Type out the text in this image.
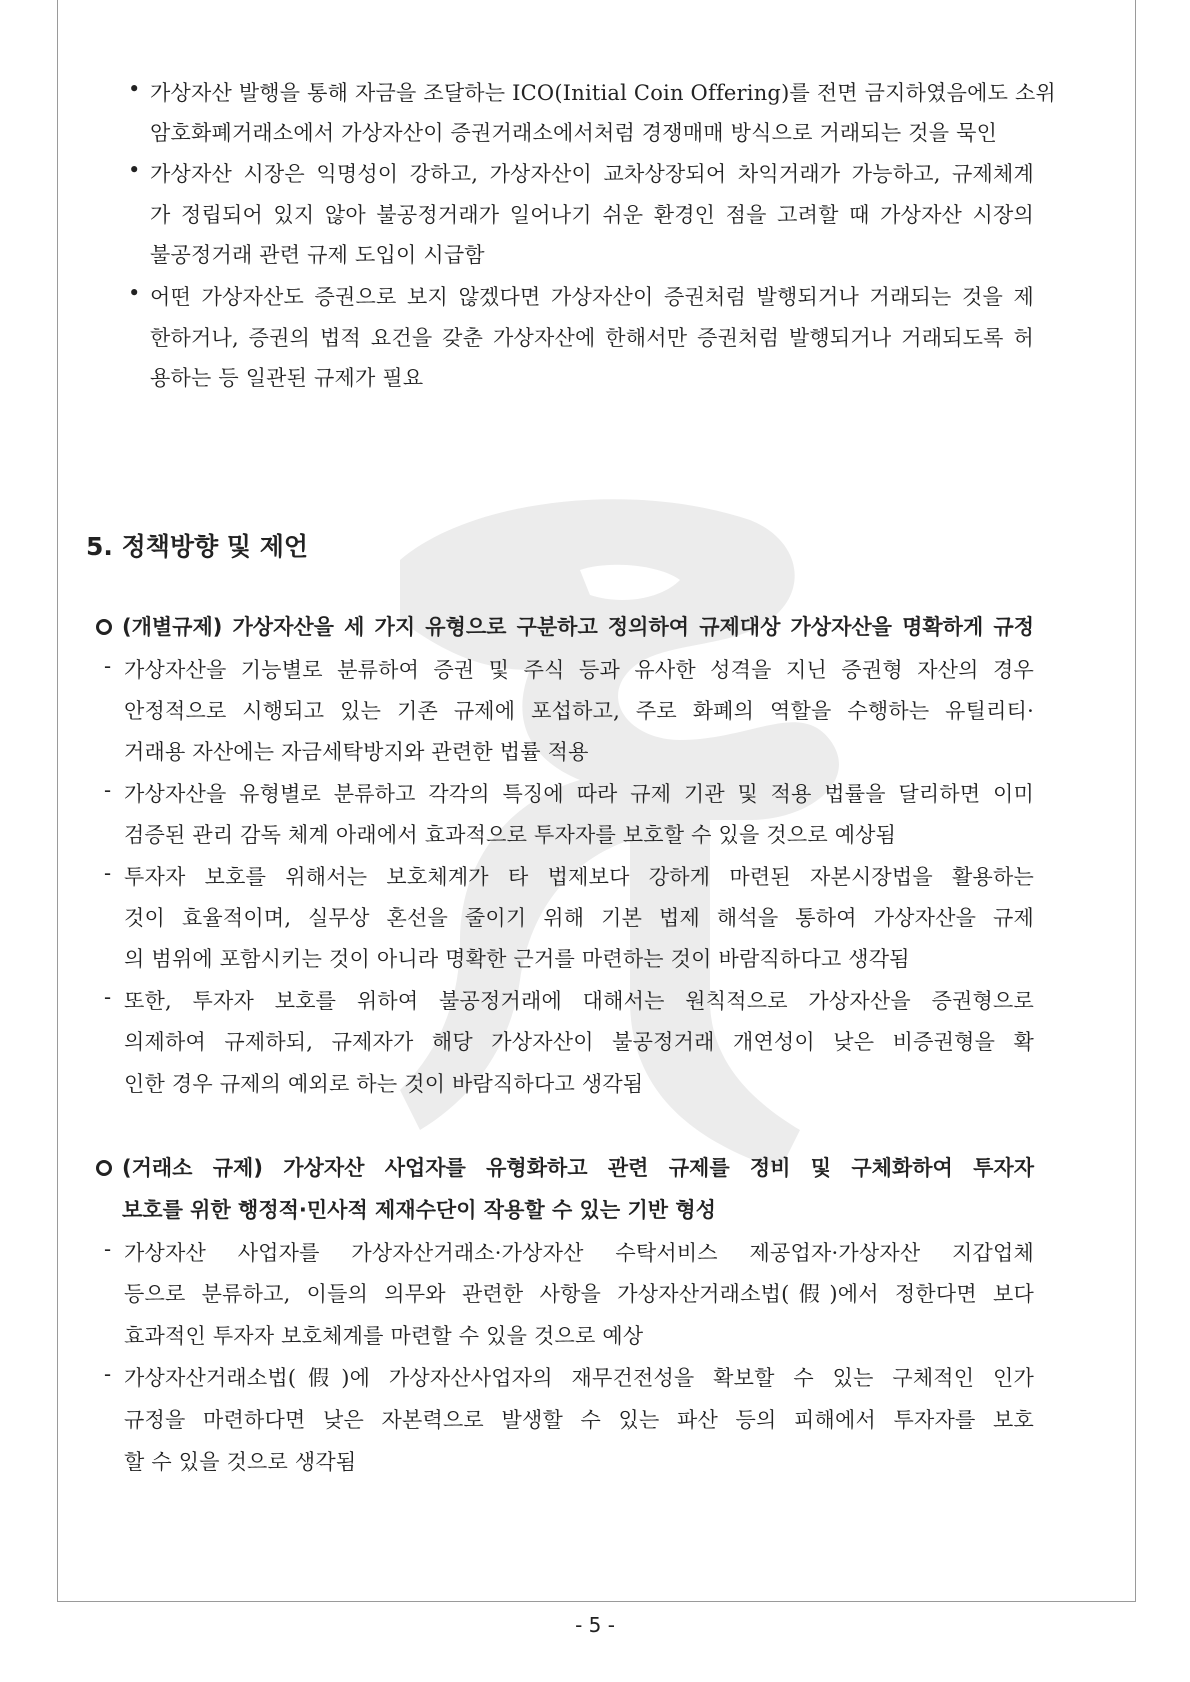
• 가상자산 발행을 통해 자금을 조달하는 ICO(Initial Coin Offering)를 전면 금지하였음에도 소위
암호화폐거래소에서 가상자산이 증권거래소에서처럼 경쟁매매 방식으로 거래되는 것을 묵인
• 가상자산 시장은 익명성이 강하고, 가상자산이 교차상장되어 차익거래가 가능하고, 규제체계
가 정립되어 있지 않아 불공정거래가 일어나기 쉬운 환경인 점을 고려할 때 가상자산 시장의
불공정거래 관련 규제 도입이 시급함
• 어떤 가상자산도 증권으로 보지 않겠다면 가상자산이 증권처럼 발행되거나 거래되는 것을 제
한하거나, 증권의 법적 요건을 갖춘 가상자산에 한해서만 증권처럼 발행되거나 거래되도록 허
용하는 등 일관된 규제가 필요
5. 정책방향 및 제언
(개별규제) 가상자산을 세 가지 유형으로 구분하고 정의하여 규제대상 가상자산을 명확하게 규정
- 가상자산을 기능별로 분류하여 증권 및 주식 등과 유사한 성격을 지닌 증권형 자산의 경우
안정적으로 시행되고 있는 기존 규제에 포섭하고, 주로 화폐의 역할을 수행하는 유틸리티·
거래용 자산에는 자금세탁방지와 관련한 법률 적용
- 가상자산을 유형별로 분류하고 각각의 특징에 따라 규제 기관 및 적용 법률을 달리하면 이미
검증된 관리 감독 체계 아래에서 효과적으로 투자자를 보호할 수 있을 것으로 예상됨
- 투자자 보호를 위해서는 보호체계가 타 법제보다 강하게 마련된 자본시장법을 활용하는
것이 효율적이며, 실무상 혼선을 줄이기 위해 기본 법제 해석을 통하여 가상자산을 규제
의 범위에 포함시키는 것이 아니라 명확한 근거를 마련하는 것이 바람직하다고 생각됨
- 또한, 투자자 보호를 위하여 불공정거래에 대해서는 원칙적으로 가상자산을 증권형으로
의제하여 규제하되, 규제자가 해당 가상자산이 불공정거래 개연성이 낮은 비증권형을 확
인한 경우 규제의 예외로 하는 것이 바람직하다고 생각됨
(거래소 규제) 가상자산 사업자를 유형화하고 관련 규제를 정비 및 구체화하여 투자자
보호를 위한 행정적·민사적 제재수단이 작용할 수 있는 기반 형성
- 가상자산 사업자를 가상자산거래소·가상자산 수탁서비스 제공업자·가상자산 지갑업체
등으로 분류하고, 이들의 의무와 관련한 사항을 가상자산거래소법(假)에서 정한다면 보다
효과적인 투자자 보호체계를 마련할 수 있을 것으로 예상
- 가상자산거래소법(假)에 가상자산사업자의 재무건전성을 확보할 수 있는 구체적인 인가
규정을 마련하다면 낮은 자본력으로 발생할 수 있는 파산 등의 피해에서 투자자를 보호
할 수 있을 것으로 생각됨
- 5 -
